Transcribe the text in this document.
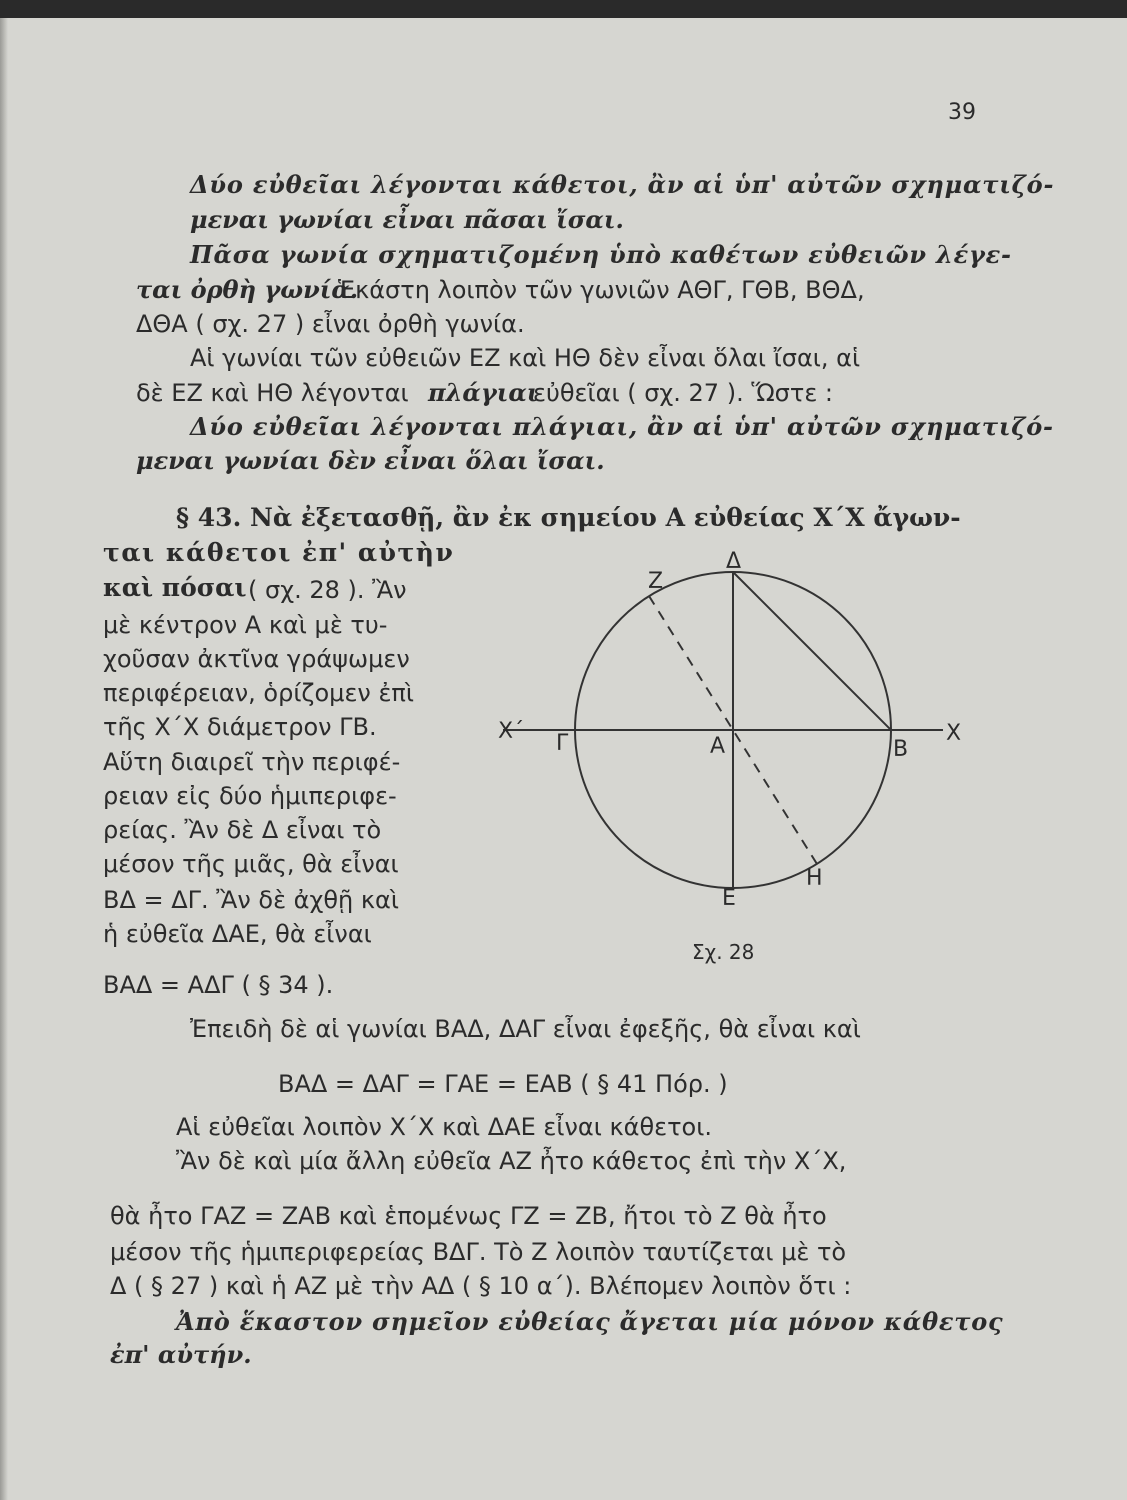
39
Δύο εὐθεῖαι λέγονται κάθετοι, ἂν αἱ ὑπ' αὐτῶν σχηματιζό-
μεναι γωνίαι εἶναι πᾶσαι ἴσαι.
Πᾶσα γωνία σχηματιζομένη ὑπὸ καθέτων εὐθειῶν λέγε-
ται ὀρθὴ γωνία.
Ἑκάστη λοιπὸν τῶν γωνιῶν ΑΘΓ, ΓΘΒ, ΒΘΔ,
ΔΘΑ ( σχ. 27 ) εἶναι ὀρθὴ γωνία.
Αἱ γωνίαι τῶν εὐθειῶν ΕΖ καὶ ΗΘ δὲν εἶναι ὅλαι ἴσαι, αἱ
δὲ ΕΖ καὶ ΗΘ λέγονται πλάγιαι
εὐθεῖαι ( σχ. 27 ). Ὥστε :
Δύο εὐθεῖαι λέγονται πλάγιαι, ἂν αἱ ὑπ' αὐτῶν σχηματιζό-
μεναι γωνίαι δὲν εἶναι ὅλαι ἴσαι.
§ 43. Νὰ ἐξετασθῇ, ἂν ἐκ σημείου Α εὐθείας Χ΄Χ ἄγων-
ται κάθετοι ἐπ' αὐτὴν
καὶ πόσαι ( σχ. 28 ). Ἂν
μὲ κέντρον Α καὶ μὲ τυ-
χοῦσαν ἀκτῖνα γράψωμεν
περιφέρειαν, ὁρίζομεν ἐπὶ
τῆς Χ΄Χ διάμετρον ΓΒ.
Αὕτη διαιρεῖ τὴν περιφέ-
ρειαν εἰς δύο ἡμιπεριφε-
ρείας. Ἂν δὲ Δ εἶναι τὸ
μέσον τῆς μιᾶς, θὰ εἶναι
ΒΔ = ΔΓ. Ἂν δὲ ἀχθῇ καὶ
ἡ εὐθεῖα ΔΑΕ, θὰ εἶναι
ΒΑΔ = ΑΔΓ ( § 34 ).
Ἐπειδὴ δὲ αἱ γωνίαι ΒΑΔ, ΔΑΓ εἶναι ἐφεξῆς, θὰ εἶναι καὶ
ΒΑΔ = ΔΑΓ = ΓΑΕ = ΕΑΒ ( § 41 Πόρ. )
Αἱ εὐθεῖαι λοιπὸν Χ΄Χ καὶ ΔΑΕ εἶναι κάθετοι.
Ἂν δὲ καὶ μία ἄλλη εὐθεῖα ΑΖ ἦτο κάθετος ἐπὶ τὴν Χ΄Χ,
θὰ ἦτο ΓΑΖ = ΖΑΒ καὶ ἑπομένως ΓΖ = ΖΒ, ἤτοι τὸ Ζ θὰ ἦτο
μέσον τῆς ἡμιπεριφερείας ΒΔΓ. Τὸ Ζ λοιπὸν ταυτίζεται μὲ τὸ
Δ ( § 27 ) καὶ ἡ ΑΖ μὲ τὴν ΑΔ ( § 10 α΄). Βλέπομεν λοιπὸν ὅτι :
Ἀπὸ ἕκαστον σημεῖον εὐθείας ἄγεται μία μόνον κάθετος
ἐπ' αὐτήν.
Ζ
Δ
Χ΄ Γ	Α	Β
Χ
Ε
Η
Σχ. 28
